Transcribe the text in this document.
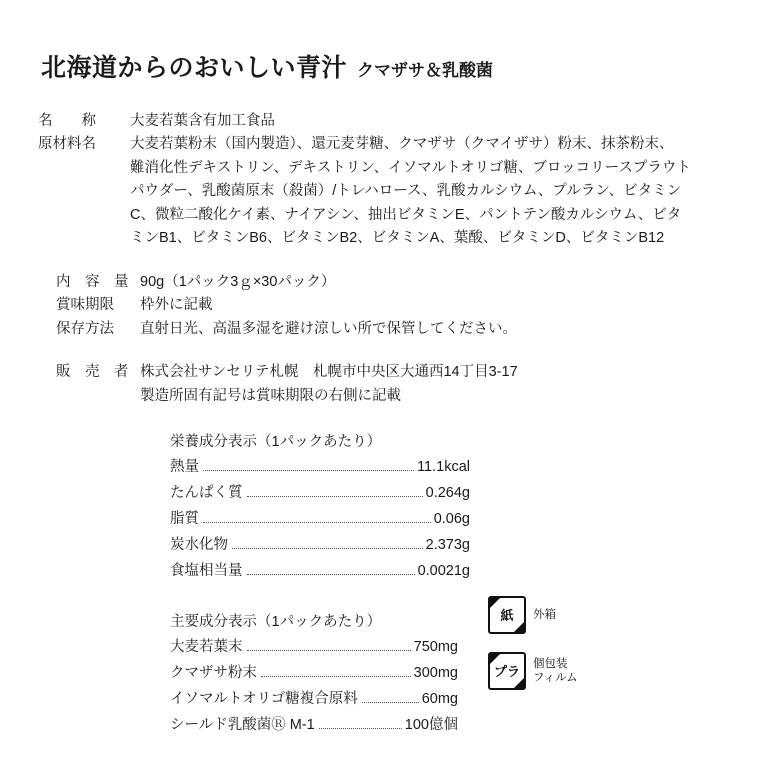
北海道からのおいしい青汁 クマザサ＆乳酸菌
名　　称	大麦若葉含有加工食品
原材料名	大麦若葉粉末（国内製造）、還元麦芽糖、クマザサ（クマイザサ）粉末、抹茶粉末、
難消化性デキストリン、デキストリン、イソマルトオリゴ糖、ブロッコリースプラウト
パウダー、乳酸菌原末（殺菌）/トレハロース、乳酸カルシウム、プルラン、ビタミン
C、微粒二酸化ケイ素、ナイアシン、抽出ビタミンE、パントテン酸カルシウム、ビタ
ミンB1、ビタミンB6、ビタミンB2、ビタミンA、葉酸、ビタミンD、ビタミンB12
内　容　量 90g（1パック3ｇ×30パック）
賞味期限	枠外に記載
保存方法	直射日光、高温多湿を避け涼しい所で保管してください。
販　売　者 株式会社サンセリテ札幌　札幌市中央区大通西14丁目3-17
製造所固有記号は賞味期限の右側に記載
栄養成分表示（1パックあたり）
熱量	11.1kcal
たんぱく質	0.264g
脂質	0.06g
炭水化物	2.373g
食塩相当量	0.0021g
主要成分表示（1パックあたり）
大麦若葉末	750mg
クマザサ粉末	300mg
イソマルトオリゴ糖複合原料	60mg
シールド乳酸菌Ⓡ M-1	100億個
紙 外箱
プラ 個包装
フィルム
